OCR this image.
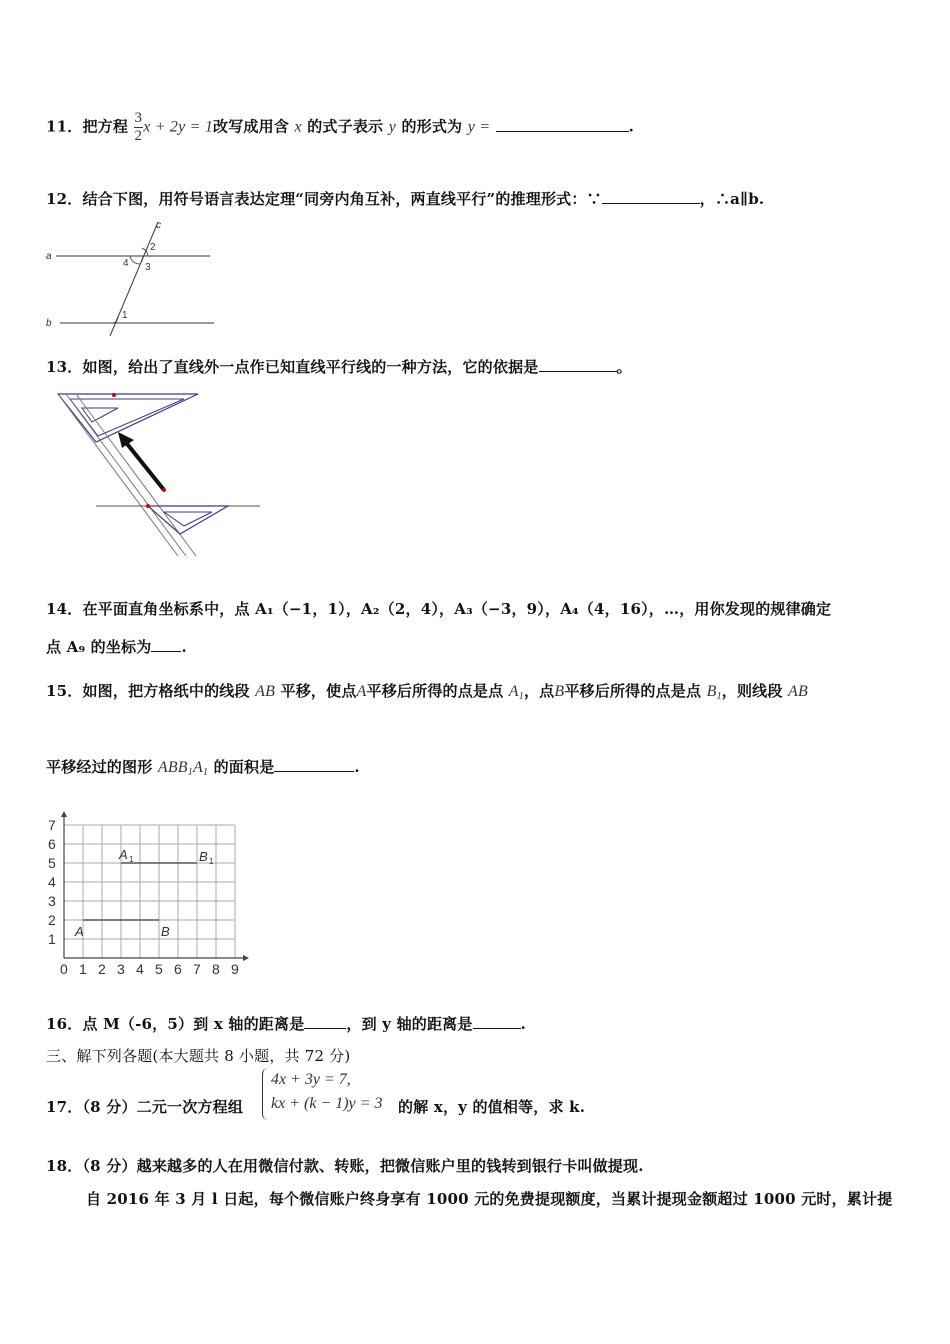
11．把方程 $\frac{3}{2}$ x + 2y = 1改写成用含 x 的式子表示 y 的形式为 y =	.
12．结合下图，用符号语言表达定理“同旁内角互补，两直线平行”的推理形式：∵	，∴a∥b.
a
b
c
2
4 3
1
13．如图，给出了直线外一点作已知直线平行线的一种方法，它的依据是	。
14．在平面直角坐标系中，点 A₁（−1，1），A₂（2，4），A₃（−3，9），A₄（4，16），…，用你发现的规律确定
点 A₉ 的坐标为 .
15．如图，把方格纸中的线段 AB 平移，使点A平移后所得的点是点 $A_1$，点B平移后所得的点是点 $B_1$，则线段 AB
平移经过的图形 $ABB_1A_1$ 的面积是	.
0 1 2 3 4 5 6 7 8 9
1
2
3
4
5
6
7
A	B
A 1	B 1
16．点 M（-6，5）到 x 轴的距离是	，到 y 轴的距离是	.
三、解下列各题(本大题共 8 小题，共 72 分)
17．（8 分）二元一次方程组
4x + 3y = 7,
kx + (k − 1)y = 3	的解 x，y 的值相等，求 k.
18．（8 分）越来越多的人在用微信付款、转账，把微信账户里的钱转到银行卡叫做提现.
自 2016 年 3 月 l 日起，每个微信账户终身享有 1000 元的免费提现额度，当累计提现金额超过 1000 元时，累计提
